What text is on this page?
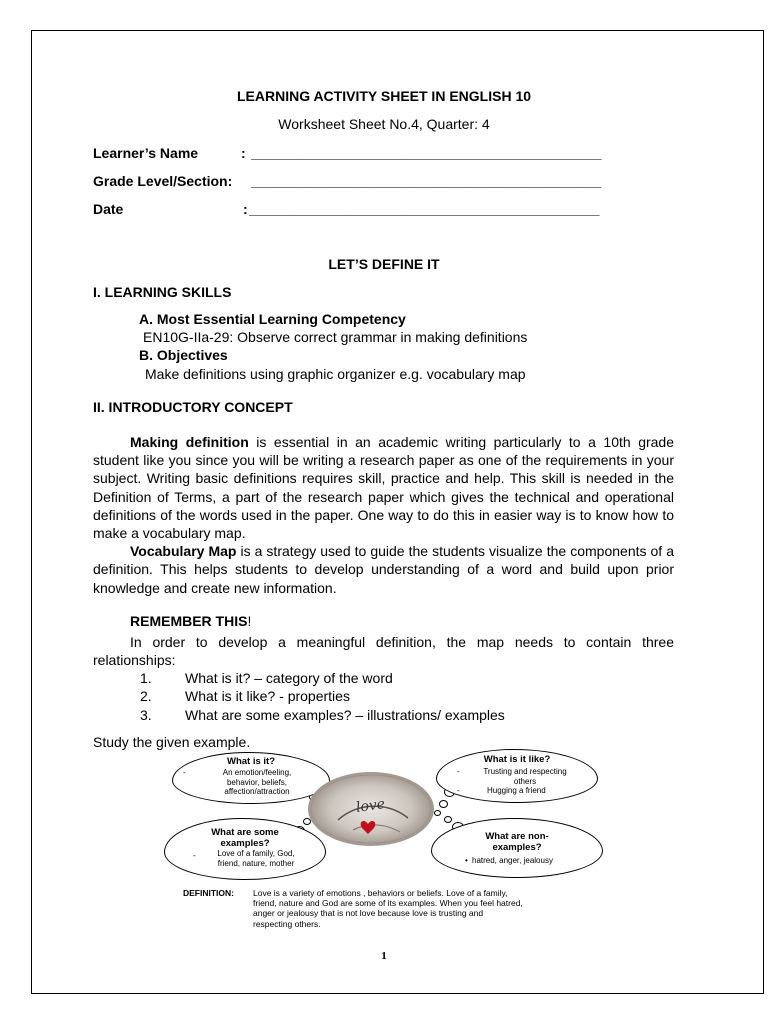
LEARNING ACTIVITY SHEET IN ENGLISH 10
Worksheet Sheet No.4, Quarter: 4
Learner’s Name	: _____________________________________________
Grade Level/Section: _____________________________________________
Date	: _____________________________________________
LET’S DEFINE IT
I. LEARNING SKILLS
A. Most Essential Learning Competency
EN10G-IIa-29: Observe correct grammar in making definitions
B. Objectives
Make definitions using graphic organizer e.g. vocabulary map
II. INTRODUCTORY CONCEPT

Making definition is essential in an academic writing particularly to a 10th grade student like you since you will be writing a research paper as one of the requirements in your subject. Writing basic definitions requires skill, practice and help. This skill is needed in the Definition of Terms, a part of the research paper which gives the technical and operational definitions of the words used in the paper. One way to do this in easier way is to know how to make a vocabulary map.

Vocabulary Map is a strategy used to guide the students visualize the components of a definition. This helps students to develop understanding of a word and build upon prior knowledge and create new information.

REMEMBER THIS!

In order to develop a meaningful definition, the map needs to contain three relationships:

1. What is it? – category of the word
2. What is it like? - properties
3. What are some examples? – illustrations/ examples
Study the given example.
What is it?
-	An emotion/feeling,
behavior, beliefs,
affection/attraction
What is it like?
-	Trusting and respecting
others
-	Hugging a friend
love
What are some
examples?
-	Love of a family, God,
friend, nature, mother
What are non-
examples?
• hatred, anger, jealousy
DEFINITION: Love is a variety of emotions , behaviors or beliefs. Love of a family,
friend, nature and God are some of its examples. When you feel hatred,
anger or jealousy that is not love because love is trusting and
respecting others.
1
